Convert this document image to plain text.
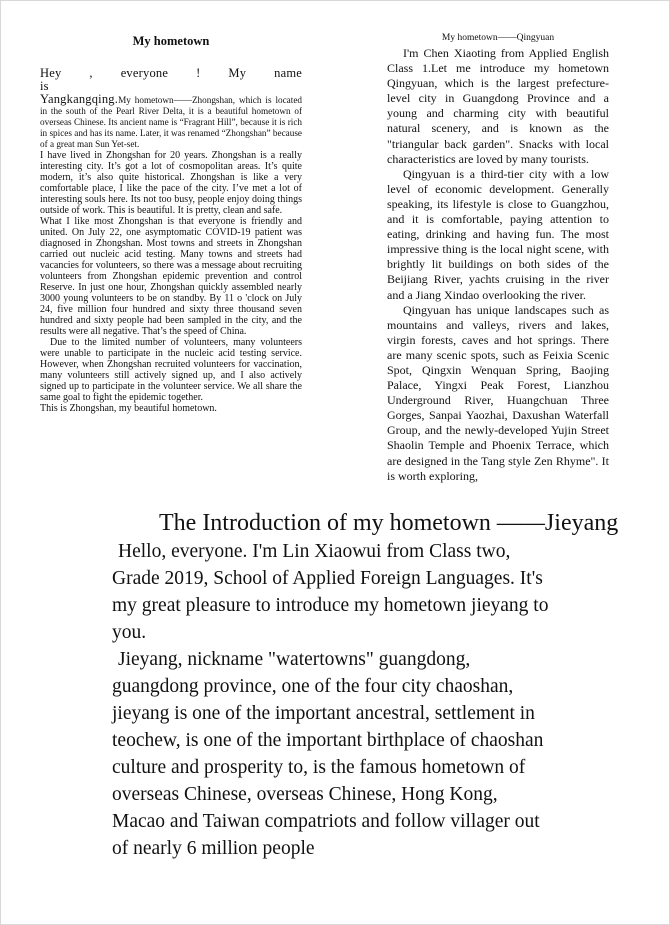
My hometown

Hey , everyone ! My name is

Yangkangqing.My hometown——Zhongshan, which is located in the south of the Pearl River Delta, it is a beautiful hometown of overseas Chinese. Its ancient name is “Fragrant Hill”, because it is rich in spices and has its name. Later, it was renamed “Zhongshan” because of a great man Sun Yet-set.

I have lived in Zhongshan for 20 years. Zhongshan is a really interesting city. It’s got a lot of cosmopolitan areas. It’s quite modern, it’s also quite historical. Zhongshan is like a very comfortable place, I like the pace of the city. I’ve met a lot of interesting souls here. Its not too busy, people enjoy doing things outside of work. This is beautiful. It is pretty, clean and safe.

What I like most Zhongshan is that everyone is friendly and united. On July 22, one asymptomatic COVID-19 patient was diagnosed in Zhongshan. Most towns and streets in Zhongshan carried out nucleic acid testing. Many towns and streets had vacancies for volunteers, so there was a message about recruiting volunteers from Zhongshan epidemic prevention and control Reserve. In just one hour, Zhongshan quickly assembled nearly 3000 young volunteers to be on standby. By 11 o 'clock on July 24, five million four hundred and sixty three thousand seven hundred and sixty people had been sampled in the city, and the results were all negative. That’s the speed of China.

Due to the limited number of volunteers, many volunteers were unable to participate in the nucleic acid testing service. However, when Zhongshan recruited volunteers for vaccination, many volunteers still actively signed up, and I also actively signed up to participate in the volunteer service. We all share the same goal to fight the epidemic together.

This is Zhongshan, my beautiful hometown.

My hometown——Qingyuan

I'm Chen Xiaoting from Applied English Class 1.Let me introduce my hometown Qingyuan, which is the largest prefecture-level city in Guangdong Province and a young and charming city with beautiful natural scenery, and is known as the "triangular back garden". Snacks with local characteristics are loved by many tourists.

Qingyuan is a third-tier city with a low level of economic development. Generally speaking, its lifestyle is close to Guangzhou, and it is comfortable, paying attention to eating, drinking and having fun. The most impressive thing is the local night scene, with brightly lit buildings on both sides of the Beijiang River, yachts cruising in the river and a Jiang Xindao overlooking the river.

Qingyuan has unique landscapes such as mountains and valleys, rivers and lakes, virgin forests, caves and hot springs. There are many scenic spots, such as Feixia Scenic Spot, Qingxin Wenquan Spring, Baojing Palace, Yingxi Peak Forest, Lianzhou Underground River, Huangchuan Three Gorges, Sanpai Yaozhai, Daxushan Waterfall Group, and the newly-developed Yujin Street Shaolin Temple and Phoenix Terrace, which are designed in the Tang style Zen Rhyme". It is worth exploring,

The Introduction of my hometown ——Jieyang

Hello, everyone. I'm Lin Xiaowui from Class two, Grade 2019, School of Applied Foreign Languages. It's my great pleasure to introduce my hometown jieyang to you.

Jieyang, nickname "watertowns" guangdong, guangdong province, one of the four city chaoshan, jieyang is one of the important ancestral, settlement in teochew, is one of the important birthplace of chaoshan culture and prosperity to, is the famous hometown of overseas Chinese, overseas Chinese, Hong Kong, Macao and Taiwan compatriots and follow villager out of nearly 6 million people
